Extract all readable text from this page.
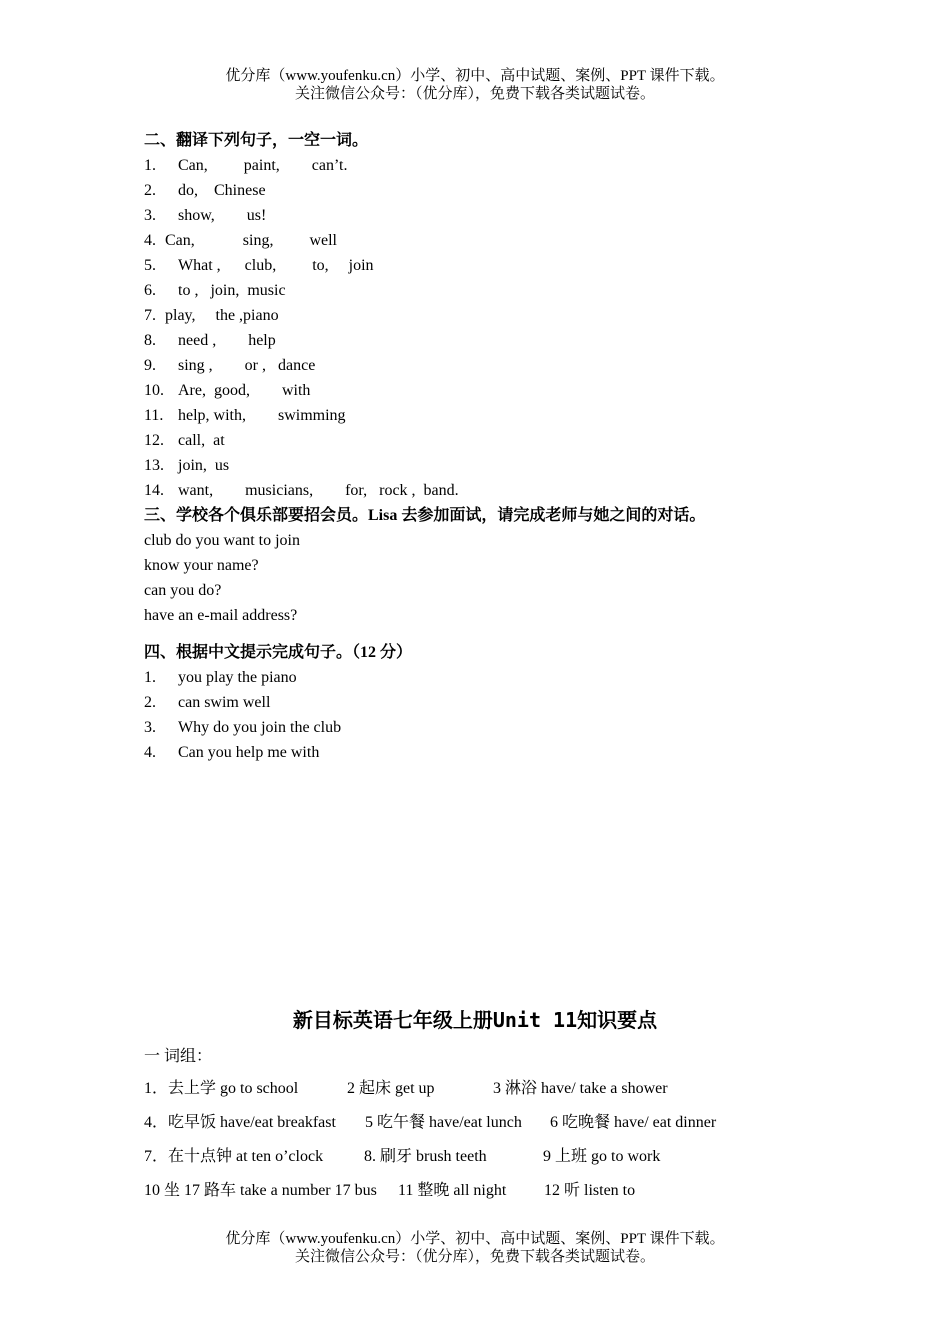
优分库（www.youfenku.cn）小学、初中、高中试题、案例、PPT 课件下载。
关注微信公众号：（优分库），免费下载各类试题试卷。
二、翻译下列句子，一空一词。
1. Can,         paint,        can’t.
2. do,    Chinese
3. show,        us!
4. Can,            sing,         well
5. What ,      club,         to,     join
6. to ,   join,  music
7. play,     the ,piano
8. need ,        help
9. sing ,        or ,   dance
10. Are,  good,        with
11. help, with,        swimming
12. call,  at
13. join,  us
14. want,        musicians,        for,   rock ,  band.
三、学校各个俱乐部要招会员。Lisa 去参加面试，请完成老师与她之间的对话。
club do you want to join
know your name?
can you do?
have an e-mail address?
四、根据中文提示完成句子。（12 分）
1. you play the piano
2. can swim well
3. Why do you join the club
4. Can you help me with
新目标英语七年级上册Unit 11知识要点
一 词组：
1．去上学 go to school	2 起床 get up	3 淋浴 have/ take a shower
4．吃早饭 have/eat breakfast 5 吃午餐 have/eat lunch 6 吃晚餐 have/ eat dinner
7．在十点钟 at ten o’clock	8. 刷牙 brush teeth	9 上班 go to work
10 坐 17 路车 take a number 17 bus 11 整晚 all night 12 听 listen to
优分库（www.youfenku.cn）小学、初中、高中试题、案例、PPT 课件下载。
关注微信公众号：（优分库），免费下载各类试题试卷。
